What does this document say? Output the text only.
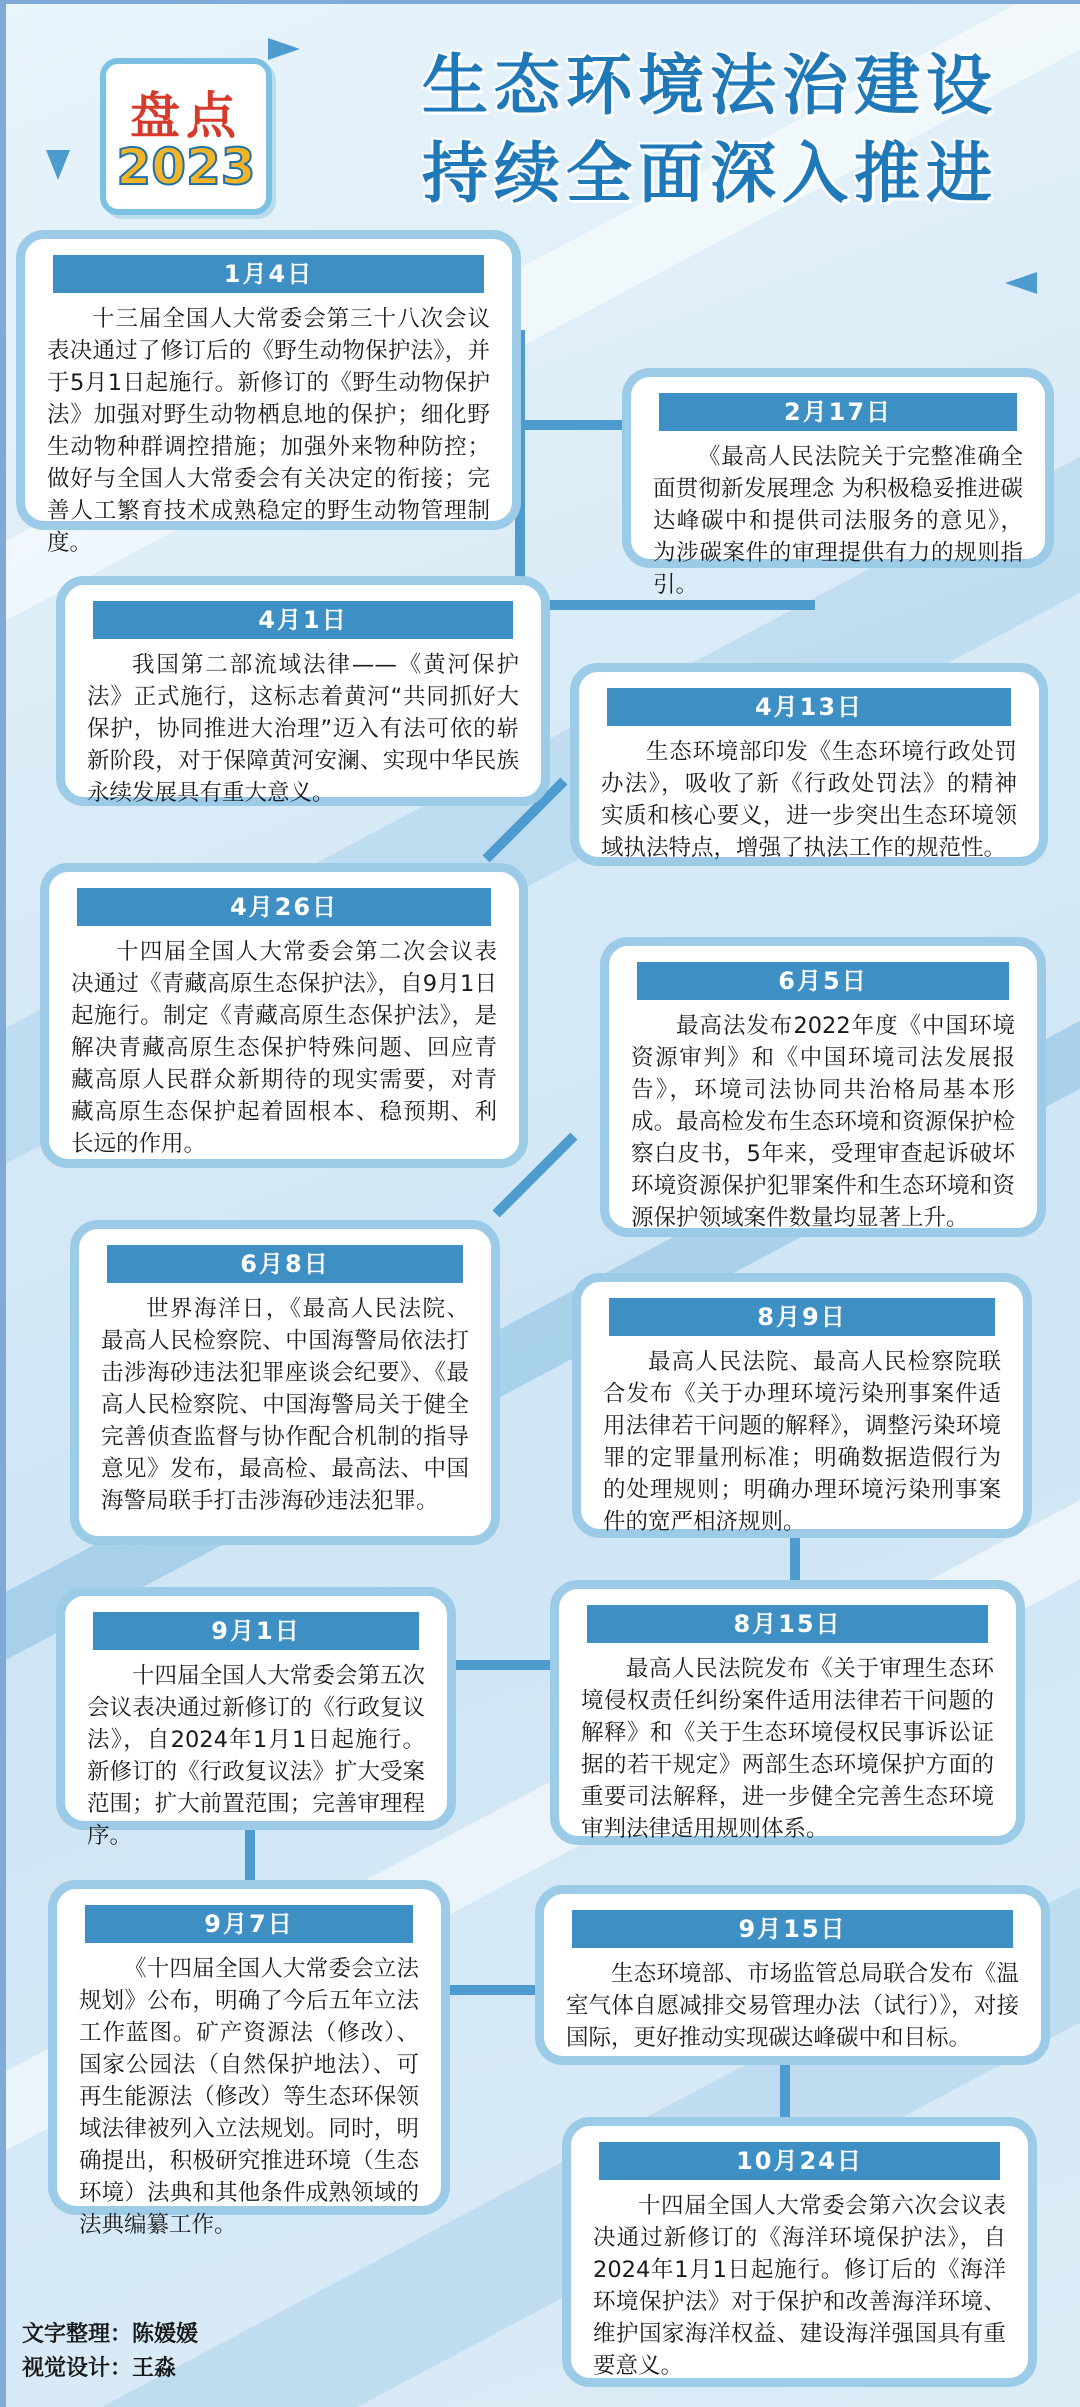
盘点
2023
生态环境法治建设
持续全面深入推进
1月4日
十三届全国人大常委会第三十八次会议表决通过了修订后的《野生动物保护法》，并于5月1日起施行。新修订的《野生动物保护法》加强对野生动物栖息地的保护；细化野生动物种群调控措施；加强外来物种防控；做好与全国人大常委会有关决定的衔接；完善人工繁育技术成熟稳定的野生动物管理制度。
2月17日
《最高人民法院关于完整准确全面贯彻新发展理念 为积极稳妥推进碳达峰碳中和提供司法服务的意见》，为涉碳案件的审理提供有力的规则指引。
4月1日
我国第二部流域法律——《黄河保护法》正式施行，这标志着黄河“共同抓好大保护，协同推进大治理”迈入有法可依的崭新阶段，对于保障黄河安澜、实现中华民族永续发展具有重大意义。
4月13日
生态环境部印发《生态环境行政处罚办法》，吸收了新《行政处罚法》的精神实质和核心要义，进一步突出生态环境领域执法特点，增强了执法工作的规范性。
4月26日
十四届全国人大常委会第二次会议表决通过《青藏高原生态保护法》，自9月1日起施行。制定《青藏高原生态保护法》，是解决青藏高原生态保护特殊问题、回应青藏高原人民群众新期待的现实需要，对青藏高原生态保护起着固根本、稳预期、利长远的作用。
6月5日
最高法发布2022年度《中国环境资源审判》和《中国环境司法发展报告》，环境司法协同共治格局基本形成。最高检发布生态环境和资源保护检察白皮书，5年来，受理审查起诉破坏环境资源保护犯罪案件和生态环境和资源保护领域案件数量均显著上升。
6月8日
世界海洋日，《最高人民法院、最高人民检察院、中国海警局依法打击涉海砂违法犯罪座谈会纪要》、《最高人民检察院、中国海警局关于健全完善侦查监督与协作配合机制的指导意见》发布，最高检、最高法、中国海警局联手打击涉海砂违法犯罪。
8月9日
最高人民法院、最高人民检察院联合发布《关于办理环境污染刑事案件适用法律若干问题的解释》，调整污染环境罪的定罪量刑标准；明确数据造假行为的处理规则；明确办理环境污染刑事案件的宽严相济规则。
9月1日
十四届全国人大常委会第五次会议表决通过新修订的《行政复议法》，自2024年1月1日起施行。新修订的《行政复议法》扩大受案范围；扩大前置范围；完善审理程序。
8月15日
最高人民法院发布《关于审理生态环境侵权责任纠纷案件适用法律若干问题的解释》和《关于生态环境侵权民事诉讼证据的若干规定》两部生态环境保护方面的重要司法解释，进一步健全完善生态环境审判法律适用规则体系。
9月7日
《十四届全国人大常委会立法规划》公布，明确了今后五年立法工作蓝图。矿产资源法（修改）、国家公园法（自然保护地法）、可再生能源法（修改）等生态环保领域法律被列入立法规划。同时，明确提出，积极研究推进环境（生态环境）法典和其他条件成熟领域的法典编纂工作。
9月15日
生态环境部、市场监管总局联合发布《温室气体自愿减排交易管理办法（试行）》，对接国际，更好推动实现碳达峰碳中和目标。
10月24日
十四届全国人大常委会第六次会议表决通过新修订的《海洋环境保护法》，自2024年1月1日起施行。修订后的《海洋环境保护法》对于保护和改善海洋环境、维护国家海洋权益、建设海洋强国具有重要意义。
文字整理：陈媛媛
视觉设计：王淼
